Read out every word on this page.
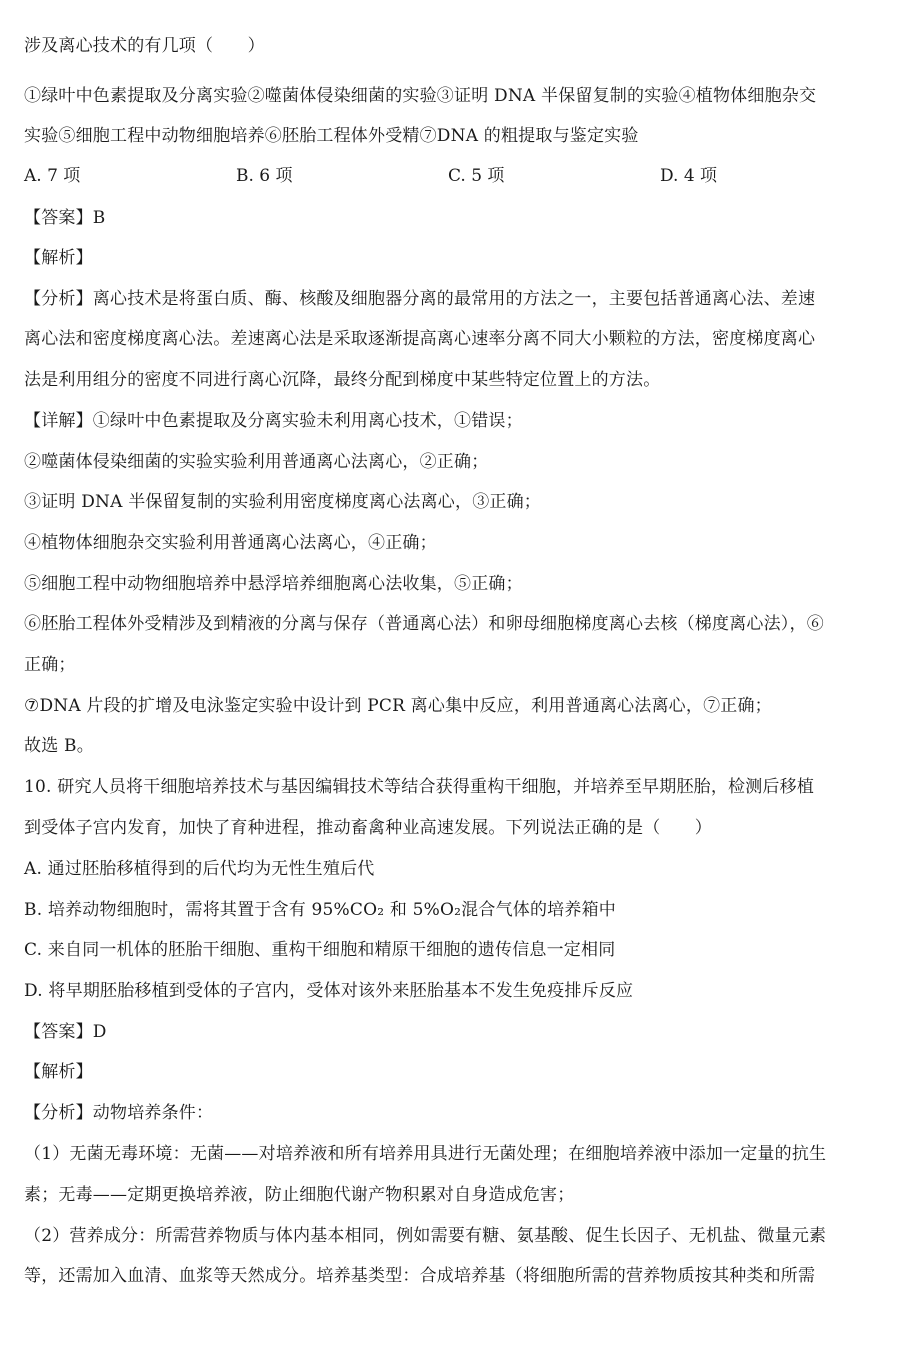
涉及离心技术的有几项（　　）
①绿叶中色素提取及分离实验②噬菌体侵染细菌的实验③证明 DNA 半保留复制的实验④植物体细胞杂交
实验⑤细胞工程中动物细胞培养⑥胚胎工程体外受精⑦DNA 的粗提取与鉴定实验
A. 7 项	B. 6 项	C. 5 项	D. 4 项
【答案】B
【解析】
【分析】离心技术是将蛋白质、酶、核酸及细胞器分离的最常用的方法之一，主要包括普通离心法、差速
离心法和密度梯度离心法。差速离心法是采取逐渐提高离心速率分离不同大小颗粒的方法，密度梯度离心
法是利用组分的密度不同进行离心沉降，最终分配到梯度中某些特定位置上的方法。
【详解】①绿叶中色素提取及分离实验未利用离心技术，①错误；
②噬菌体侵染细菌的实验实验利用普通离心法离心，②正确；
③证明 DNA 半保留复制的实验利用密度梯度离心法离心，③正确；
④植物体细胞杂交实验利用普通离心法离心，④正确；
⑤细胞工程中动物细胞培养中悬浮培养细胞离心法收集，⑤正确；
⑥胚胎工程体外受精涉及到精液的分离与保存（普通离心法）和卵母细胞梯度离心去核（梯度离心法），⑥
正确；
⑦DNA 片段的扩增及电泳鉴定实验中设计到 PCR 离心集中反应，利用普通离心法离心，⑦正确；
故选 B。
10. 研究人员将干细胞培养技术与基因编辑技术等结合获得重构干细胞，并培养至早期胚胎，检测后移植
到受体子宫内发育，加快了育种进程，推动畜禽种业高速发展。下列说法正确的是（　　）
A. 通过胚胎移植得到的后代均为无性生殖后代
B. 培养动物细胞时，需将其置于含有 95%CO₂ 和 5%O₂混合气体的培养箱中
C. 来自同一机体的胚胎干细胞、重构干细胞和精原干细胞的遗传信息一定相同
D. 将早期胚胎移植到受体的子宫内，受体对该外来胚胎基本不发生免疫排斥反应
【答案】D
【解析】
【分析】动物培养条件：
（1）无菌无毒环境：无菌——对培养液和所有培养用具进行无菌处理；在细胞培养液中添加一定量的抗生
素；无毒——定期更换培养液，防止细胞代谢产物积累对自身造成危害；
（2）营养成分：所需营养物质与体内基本相同，例如需要有糖、氨基酸、促生长因子、无机盐、微量元素
等，还需加入血清、血浆等天然成分。培养基类型：合成培养基（将细胞所需的营养物质按其种类和所需
